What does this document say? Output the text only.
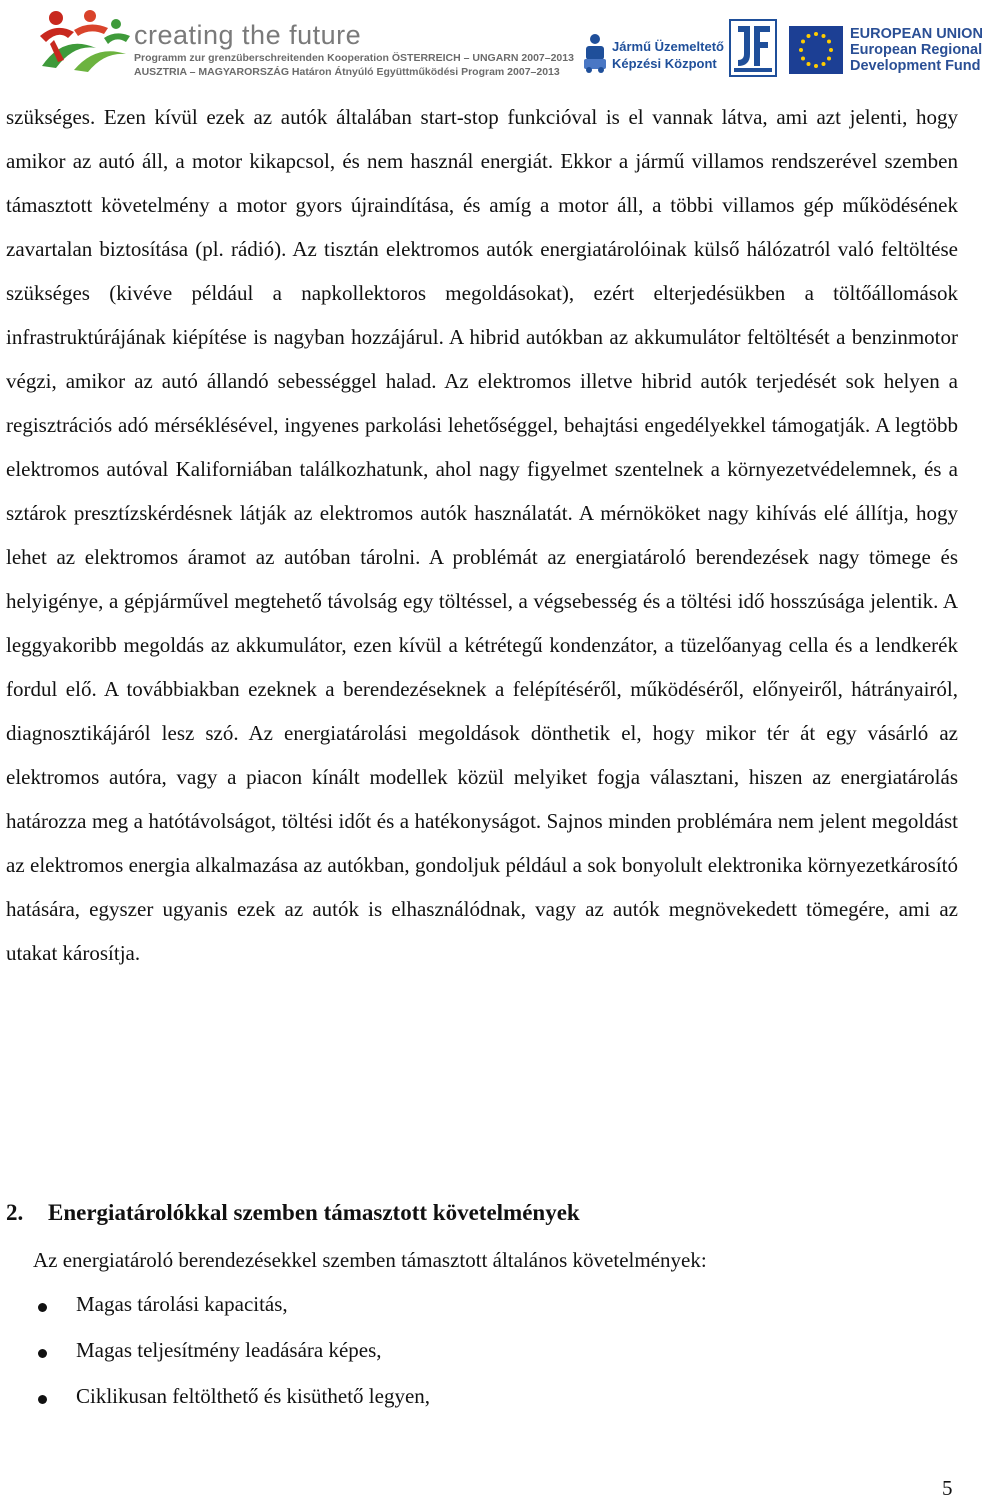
creating the future
Programm zur grenzüberschreitenden Kooperation ÖSTERREICH – UNGARN 2007–2013
AUSZTRIA – MAGYARORSZÁG Határon Átnyúló Együttműködési Program 2007–2013
Jármű Üzemeltető
Képzési Központ
EUROPEAN UNION
European Regional
Development Fund

szükséges. Ezen kívül ezek az autók általában start-stop funkcióval is el vannak látva, ami azt jelenti, hogy amikor az autó áll, a motor kikapcsol, és nem használ energiát. Ekkor a jármű villamos rendszerével szemben támasztott követelmény a motor gyors újraindítása, és amíg a motor áll, a többi villamos gép működésének zavartalan biztosítása (pl. rádió). Az tisztán elektromos autók energiatárolóinak külső hálózatról való feltöltése szükséges (kivéve például a napkollektoros megoldásokat), ezért elterjedésükben a töltőállomások infrastruktúrájának kiépítése is nagyban hozzájárul. A hibrid autókban az akkumulátor feltöltését a benzinmotor végzi, amikor az autó állandó sebességgel halad. Az elektromos illetve hibrid autók terjedését sok helyen a regisztrációs adó mérséklésével, ingyenes parkolási lehetőséggel, behajtási engedélyekkel támogatják. A legtöbb elektromos autóval Kaliforniában találkozhatunk, ahol nagy figyelmet szentelnek a környezetvédelemnek, és a sztárok presztízskérdésnek látják az elektromos autók használatát. A mérnököket nagy kihívás elé állítja, hogy lehet az elektromos áramot az autóban tárolni. A problémát az energiatároló berendezések nagy tömege és helyigénye, a gépjárművel megtehető távolság egy töltéssel, a végsebesség és a töltési idő hosszúsága jelentik. A leggyakoribb megoldás az akkumulátor, ezen kívül a kétrétegű kondenzátor, a tüzelőanyag cella és a lendkerék fordul elő. A továbbiakban ezeknek a berendezéseknek a felépítéséről, működéséről, előnyeiről, hátrányairól, diagnosztikájáról lesz szó. Az energiatárolási megoldások dönthetik el, hogy mikor tér át egy vásárló az elektromos autóra, vagy a piacon kínált modellek közül melyiket fogja választani, hiszen az energiatárolás határozza meg a hatótávolságot, töltési időt és a hatékonyságot. Sajnos minden problémára nem jelent megoldást az elektromos energia alkalmazása az autókban, gondoljuk például a sok bonyolult elektronika környezetkárosító hatására, egyszer ugyanis ezek az autók is elhasználódnak, vagy az autók megnövekedett tömegére, ami az utakat károsítja.

2. Energiatárolókkal szemben támasztott követelmények

Az energiatároló berendezésekkel szemben támasztott általános követelmények:

Magas tárolási kapacitás,
Magas teljesítmény leadására képes,
Ciklikusan feltölthető és kisüthető legyen,

5
